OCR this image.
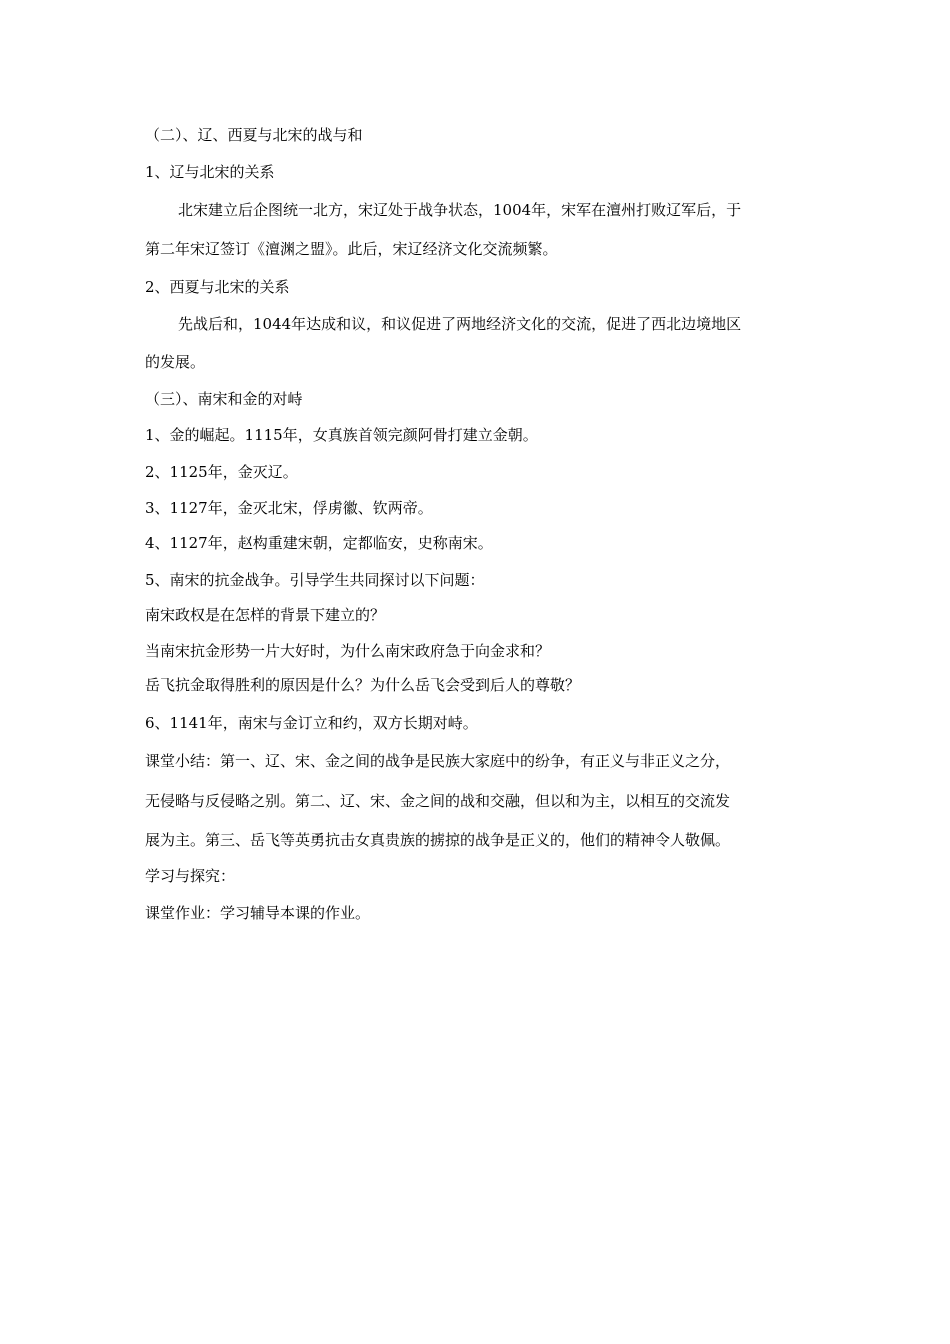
（二）、辽、西夏与北宋的战与和
1、辽与北宋的关系
北宋建立后企图统一北方，宋辽处于战争状态，1004年，宋军在澶州打败辽军后，于
第二年宋辽签订《澶渊之盟》。此后，宋辽经济文化交流频繁。
2、西夏与北宋的关系
先战后和，1044年达成和议，和议促进了两地经济文化的交流，促进了西北边境地区
的发展。
（三）、南宋和金的对峙
1、金的崛起。1115年，女真族首领完颜阿骨打建立金朝。
2、1125年，金灭辽。
3、1127年，金灭北宋，俘虏徽、钦两帝。
4、1127年，赵构重建宋朝，定都临安，史称南宋。
5、南宋的抗金战争。引导学生共同探讨以下问题：
南宋政权是在怎样的背景下建立的？
当南宋抗金形势一片大好时，为什么南宋政府急于向金求和？
岳飞抗金取得胜利的原因是什么？为什么岳飞会受到后人的尊敬？
6、1141年，南宋与金订立和约，双方长期对峙。
课堂小结：第一、辽、宋、金之间的战争是民族大家庭中的纷争，有正义与非正义之分，
无侵略与反侵略之别。第二、辽、宋、金之间的战和交融，但以和为主，以相互的交流发
展为主。第三、岳飞等英勇抗击女真贵族的掳掠的战争是正义的，他们的精神令人敬佩。
学习与探究：
课堂作业：学习辅导本课的作业。
